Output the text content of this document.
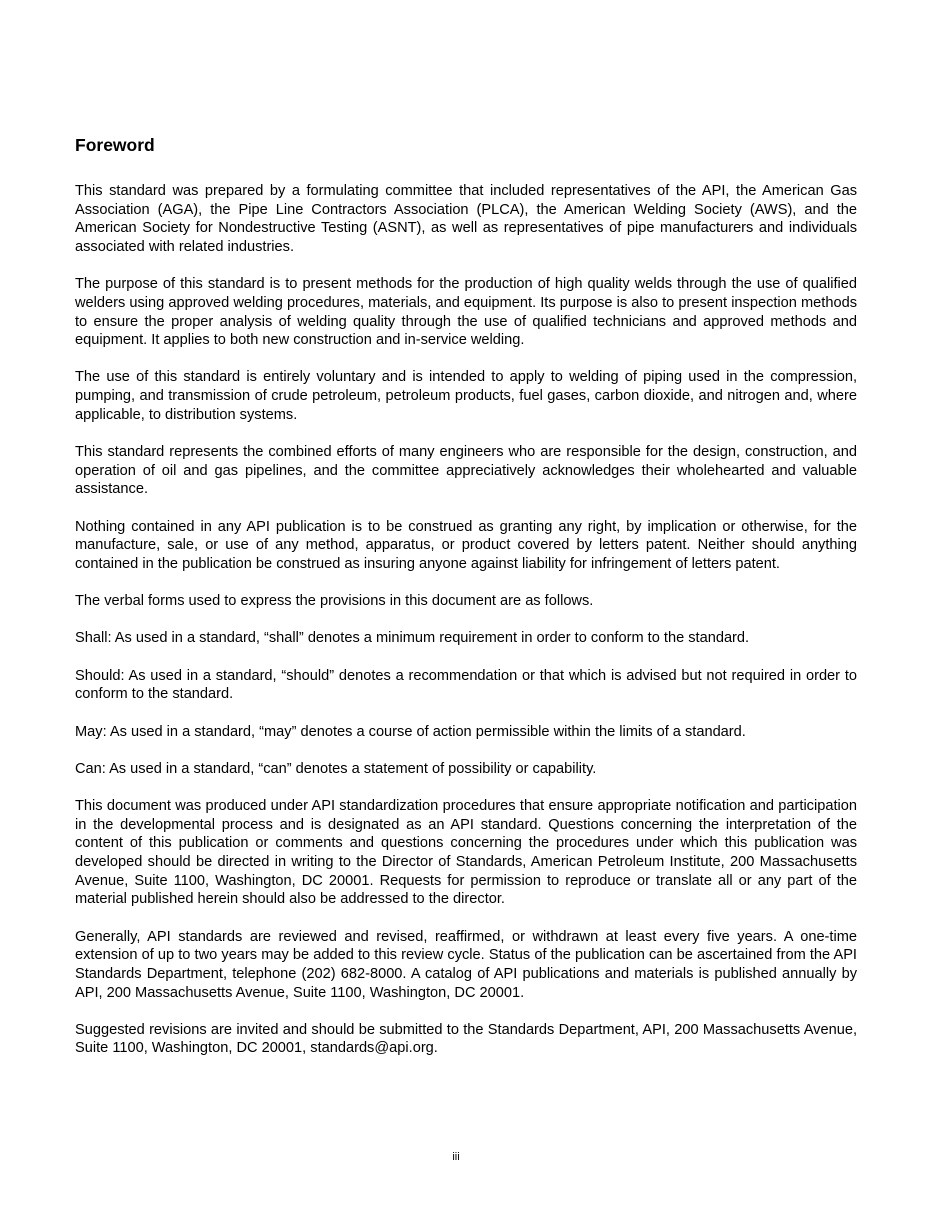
Foreword

This standard was prepared by a formulating committee that included representatives of the API, the American Gas Association (AGA), the Pipe Line Contractors Association (PLCA), the American Welding Society (AWS), and the American Society for Nondestructive Testing (ASNT), as well as representatives of pipe manufacturers and individuals associated with related industries.

The purpose of this standard is to present methods for the production of high quality welds through the use of qualified welders using approved welding procedures, materials, and equipment. Its purpose is also to present inspection methods to ensure the proper analysis of welding quality through the use of qualified technicians and approved methods and equipment. It applies to both new construction and in-service welding.

The use of this standard is entirely voluntary and is intended to apply to welding of piping used in the compression, pumping, and transmission of crude petroleum, petroleum products, fuel gases, carbon dioxide, and nitrogen and, where applicable, to distribution systems.

This standard represents the combined efforts of many engineers who are responsible for the design, construction, and operation of oil and gas pipelines, and the committee appreciatively acknowledges their wholehearted and valuable assistance.

Nothing contained in any API publication is to be construed as granting any right, by implication or otherwise, for the manufacture, sale, or use of any method, apparatus, or product covered by letters patent. Neither should anything contained in the publication be construed as insuring anyone against liability for infringement of letters patent.

The verbal forms used to express the provisions in this document are as follows.

Shall: As used in a standard, “shall” denotes a minimum requirement in order to conform to the standard.

Should: As used in a standard, “should” denotes a recommendation or that which is advised but not required in order to conform to the standard.

May: As used in a standard, “may” denotes a course of action permissible within the limits of a standard.

Can: As used in a standard, “can” denotes a statement of possibility or capability.

This document was produced under API standardization procedures that ensure appropriate notification and participation in the developmental process and is designated as an API standard. Questions concerning the interpretation of the content of this publication or comments and questions concerning the procedures under which this publication was developed should be directed in writing to the Director of Standards, American Petroleum Institute, 200 Massachusetts Avenue, Suite 1100, Washington, DC 20001. Requests for permission to reproduce or translate all or any part of the material published herein should also be addressed to the director.

Generally, API standards are reviewed and revised, reaffirmed, or withdrawn at least every five years. A one-time extension of up to two years may be added to this review cycle. Status of the publication can be ascertained from the API Standards Department, telephone (202) 682-8000. A catalog of API publications and materials is published annually by API, 200 Massachusetts Avenue, Suite 1100, Washington, DC 20001.

Suggested revisions are invited and should be submitted to the Standards Department, API, 200 Massachusetts Avenue, Suite 1100, Washington, DC 20001, standards@api.org.

iii
